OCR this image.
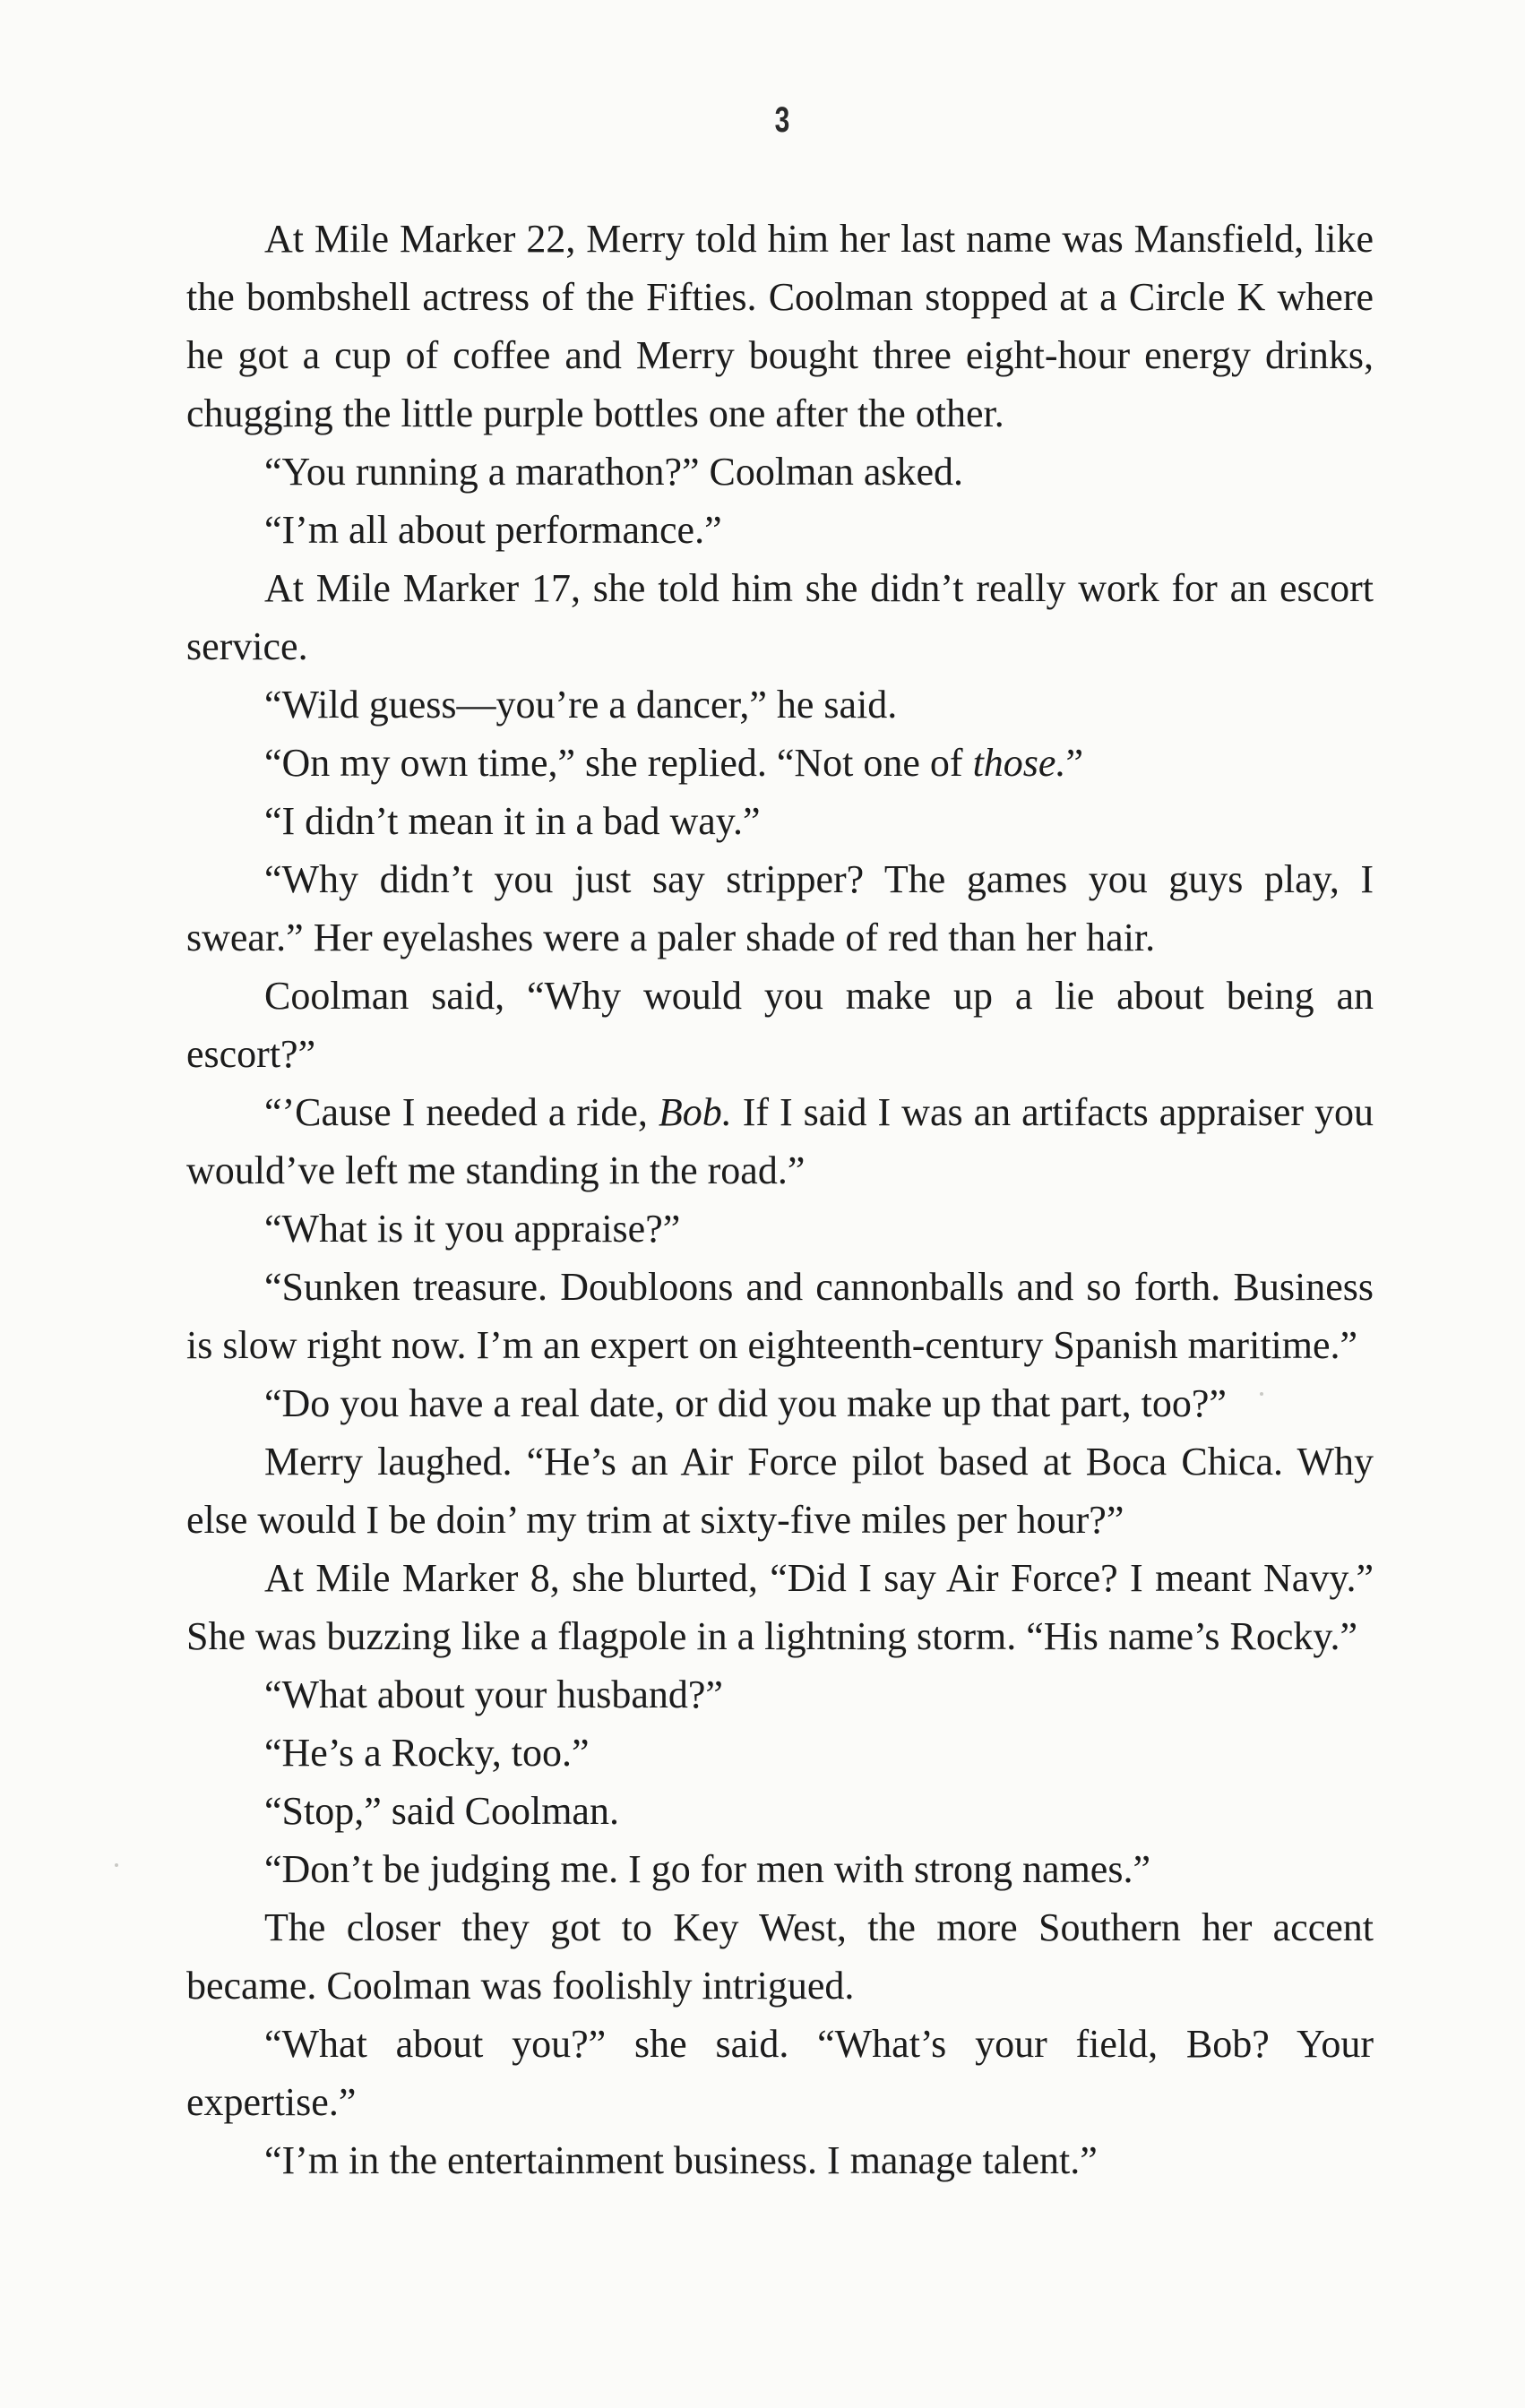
3

At Mile Marker 22, Merry told him her last name was Mansfield, like the bombshell actress of the Fifties. Coolman stopped at a Circle K where he got a cup of coffee and Merry bought three eight-hour energy drinks, chugging the little purple bottles one after the other.

“You running a marathon?” Coolman asked.

“I’m all about performance.”

At Mile Marker 17, she told him she didn’t really work for an escort service.

“Wild guess—you’re a dancer,” he said.

“On my own time,” she replied. “Not one of those.”

“I didn’t mean it in a bad way.”

“Why didn’t you just say stripper? The games you guys play, I swear.” Her eyelashes were a paler shade of red than her hair.

Coolman said, “Why would you make up a lie about being an escort?”

“’Cause I needed a ride, Bob. If I said I was an artifacts appraiser you would’ve left me standing in the road.”

“What is it you appraise?”

“Sunken treasure. Doubloons and cannonballs and so forth. Business is slow right now. I’m an expert on eighteenth-century Spanish maritime.”

“Do you have a real date, or did you make up that part, too?”

Merry laughed. “He’s an Air Force pilot based at Boca Chica. Why else would I be doin’ my trim at sixty-five miles per hour?”

At Mile Marker 8, she blurted, “Did I say Air Force? I meant Navy.” She was buzzing like a flagpole in a lightning storm. “His name’s Rocky.”

“What about your husband?”

“He’s a Rocky, too.”

“Stop,” said Coolman.

“Don’t be judging me. I go for men with strong names.”

The closer they got to Key West, the more Southern her accent became. Coolman was foolishly intrigued.

“What about you?” she said. “What’s your field, Bob? Your expertise.”

“I’m in the entertainment business. I manage talent.”
